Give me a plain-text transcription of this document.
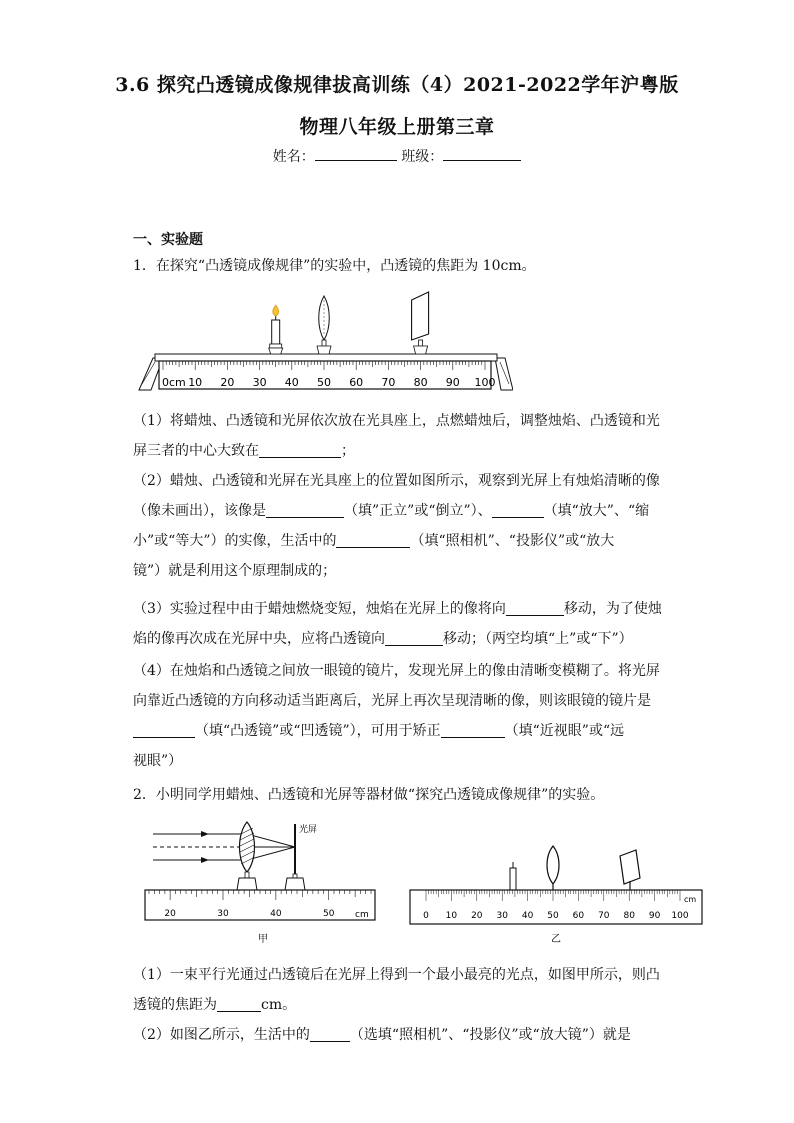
3.6 探究凸透镜成像规律拔高训练（4）2021-2022学年沪粤版
物理八年级上册第三章
姓名：	班级：
一、实验题
1．在探究“凸透镜成像规律”的实验中，凸透镜的焦距为 10cm。
0cm 10 20 30 40 50 60 70 80 90 100
（1）将蜡烛、凸透镜和光屏依次放在光具座上，点燃蜡烛后，调整烛焰、凸透镜和光
屏三者的中心大致在	；
（2）蜡烛、凸透镜和光屏在光具座上的位置如图所示，观察到光屏上有烛焰清晰的像
（像未画出），该像是	（填”正立”或“倒立”）、	（填“放大”、“缩
小”或“等大”）的实像，生活中的	（填“照相机”、“投影仪”或“放大
镜”）就是利用这个原理制成的；
（3）实验过程中由于蜡烛燃烧变短，烛焰在光屏上的像将向	移动，为了使烛
焰的像再次成在光屏中央，应将凸透镜向	移动；（两空均填“上”或“下”）
（4）在烛焰和凸透镜之间放一眼镜的镜片，发现光屏上的像由清晰变模糊了。将光屏
向靠近凸透镜的方向移动适当距离后，光屏上再次呈现清晰的像，则该眼镜的镜片是
（填“凸透镜”或“凹透镜”），可用于矫正	（填“近视眼”或“远
视眼”）
2．小明同学用蜡烛、凸透镜和光屏等器材做“探究凸透镜成像规律”的实验。
光屏
20	30	40	50 cm
甲
0 10 20 30 40 50 60 70 80 90 100
cm
乙
（1）一束平行光通过凸透镜后在光屏上得到一个最小最亮的光点，如图甲所示，则凸
透镜的焦距为	cm。
（2）如图乙所示，生活中的	（选填“照相机”、“投影仪”或“放大镜”）就是
